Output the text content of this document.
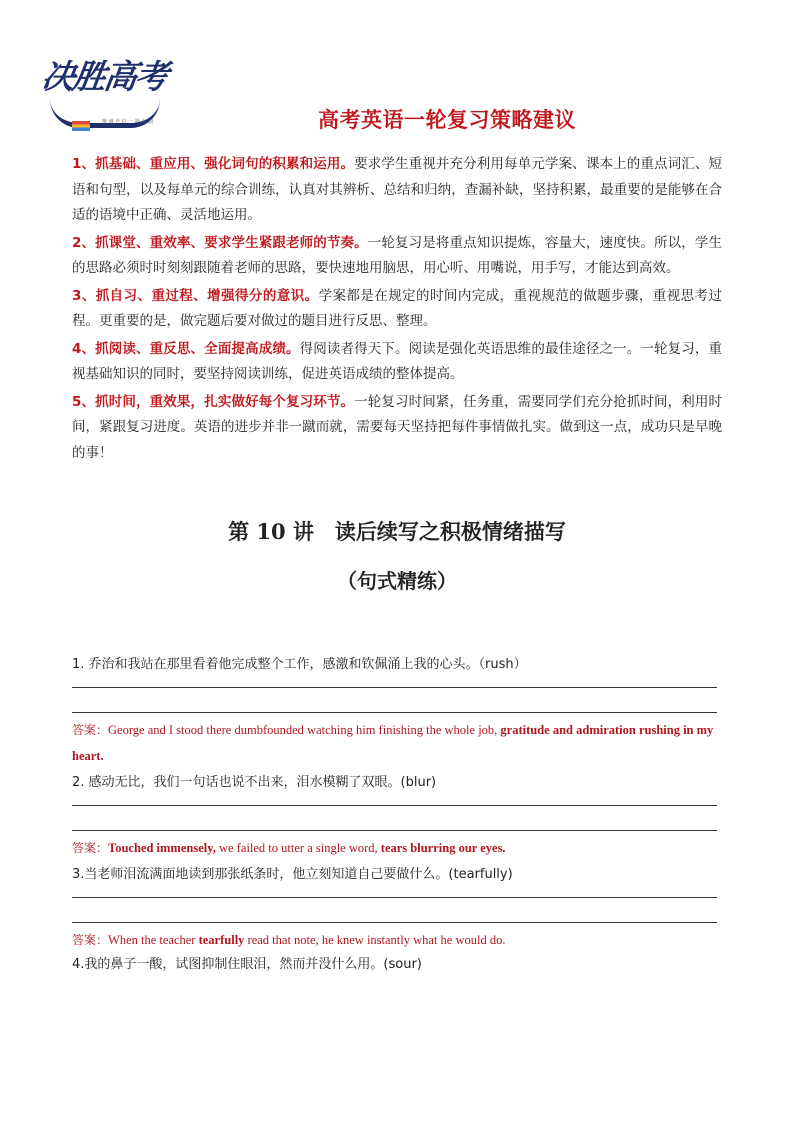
决胜高考
唯 盛 吾 信 一 路 向 前	高考英语一轮复习策略建议

1、抓基础、重应用、强化词句的积累和运用。要求学生重视并充分利用每单元学案、课本上的重点词汇、短语和句型，以及每单元的综合训练，认真对其辨析、总结和归纳，查漏补缺，坚持积累，最重要的是能够在合适的语境中正确、灵活地运用。

2、抓课堂、重效率、要求学生紧跟老师的节奏。一轮复习是将重点知识提炼，容量大，速度快。所以，学生的思路必须时时刻刻跟随着老师的思路，要快速地用脑思，用心听、用嘴说，用手写，才能达到高效。

3、抓自习、重过程、增强得分的意识。学案都是在规定的时间内完成，重视规范的做题步骤，重视思考过程。更重要的是，做完题后要对做过的题目进行反思、整理。

4、抓阅读、重反思、全面提高成绩。得阅读者得天下。阅读是强化英语思维的最佳途径之一。一轮复习，重视基础知识的同时，要坚持阅读训练，促进英语成绩的整体提高。

5、抓时间，重效果，扎实做好每个复习环节。一轮复习时间紧，任务重，需要同学们充分抢抓时间，利用时间，紧跟复习进度。英语的进步并非一蹴而就，需要每天坚持把每件事情做扎实。做到这一点，成功只是早晚的事！

第 10 讲　读后续写之积极情绪描写
（句式精练）

1. 乔治和我站在那里看着他完成整个工作，感激和钦佩涌上我的心头。（rush）

答案：George and I stood there dumbfounded watching him finishing the whole job, gratitude and admiration rushing in my heart.

2. 感动无比，我们一句话也说不出来，泪水模糊了双眼。(blur)

答案：Touched immensely, we failed to utter a single word, tears blurring our eyes.

3.当老师泪流满面地读到那张纸条时，他立刻知道自己要做什么。(tearfully)

答案：When the teacher tearfully read that note, he knew instantly what he would do.

4.我的鼻子一酸，试图抑制住眼泪，然而并没什么用。(sour)
